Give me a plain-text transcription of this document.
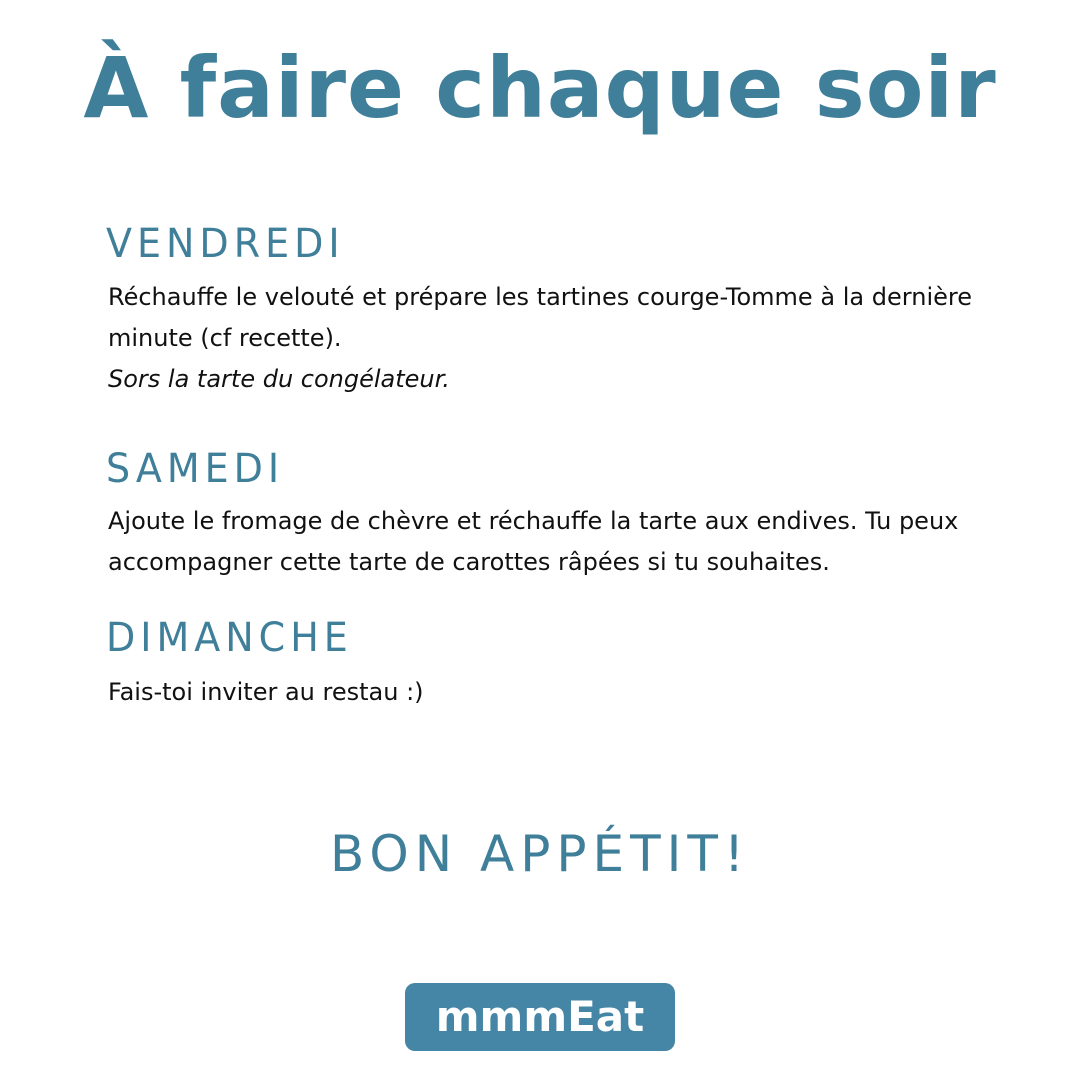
À faire chaque soir
VENDREDI
Réchauffe le velouté et prépare les tartines courge-Tomme à la dernière minute (cf recette).
Sors la tarte du congélateur.
SAMEDI
Ajoute le fromage de chèvre et réchauffe la tarte aux endives. Tu peux accompagner cette tarte de carottes râpées si tu souhaites.
DIMANCHE
Fais-toi inviter au restau :)
BON APPÉTIT!
mmmEat
